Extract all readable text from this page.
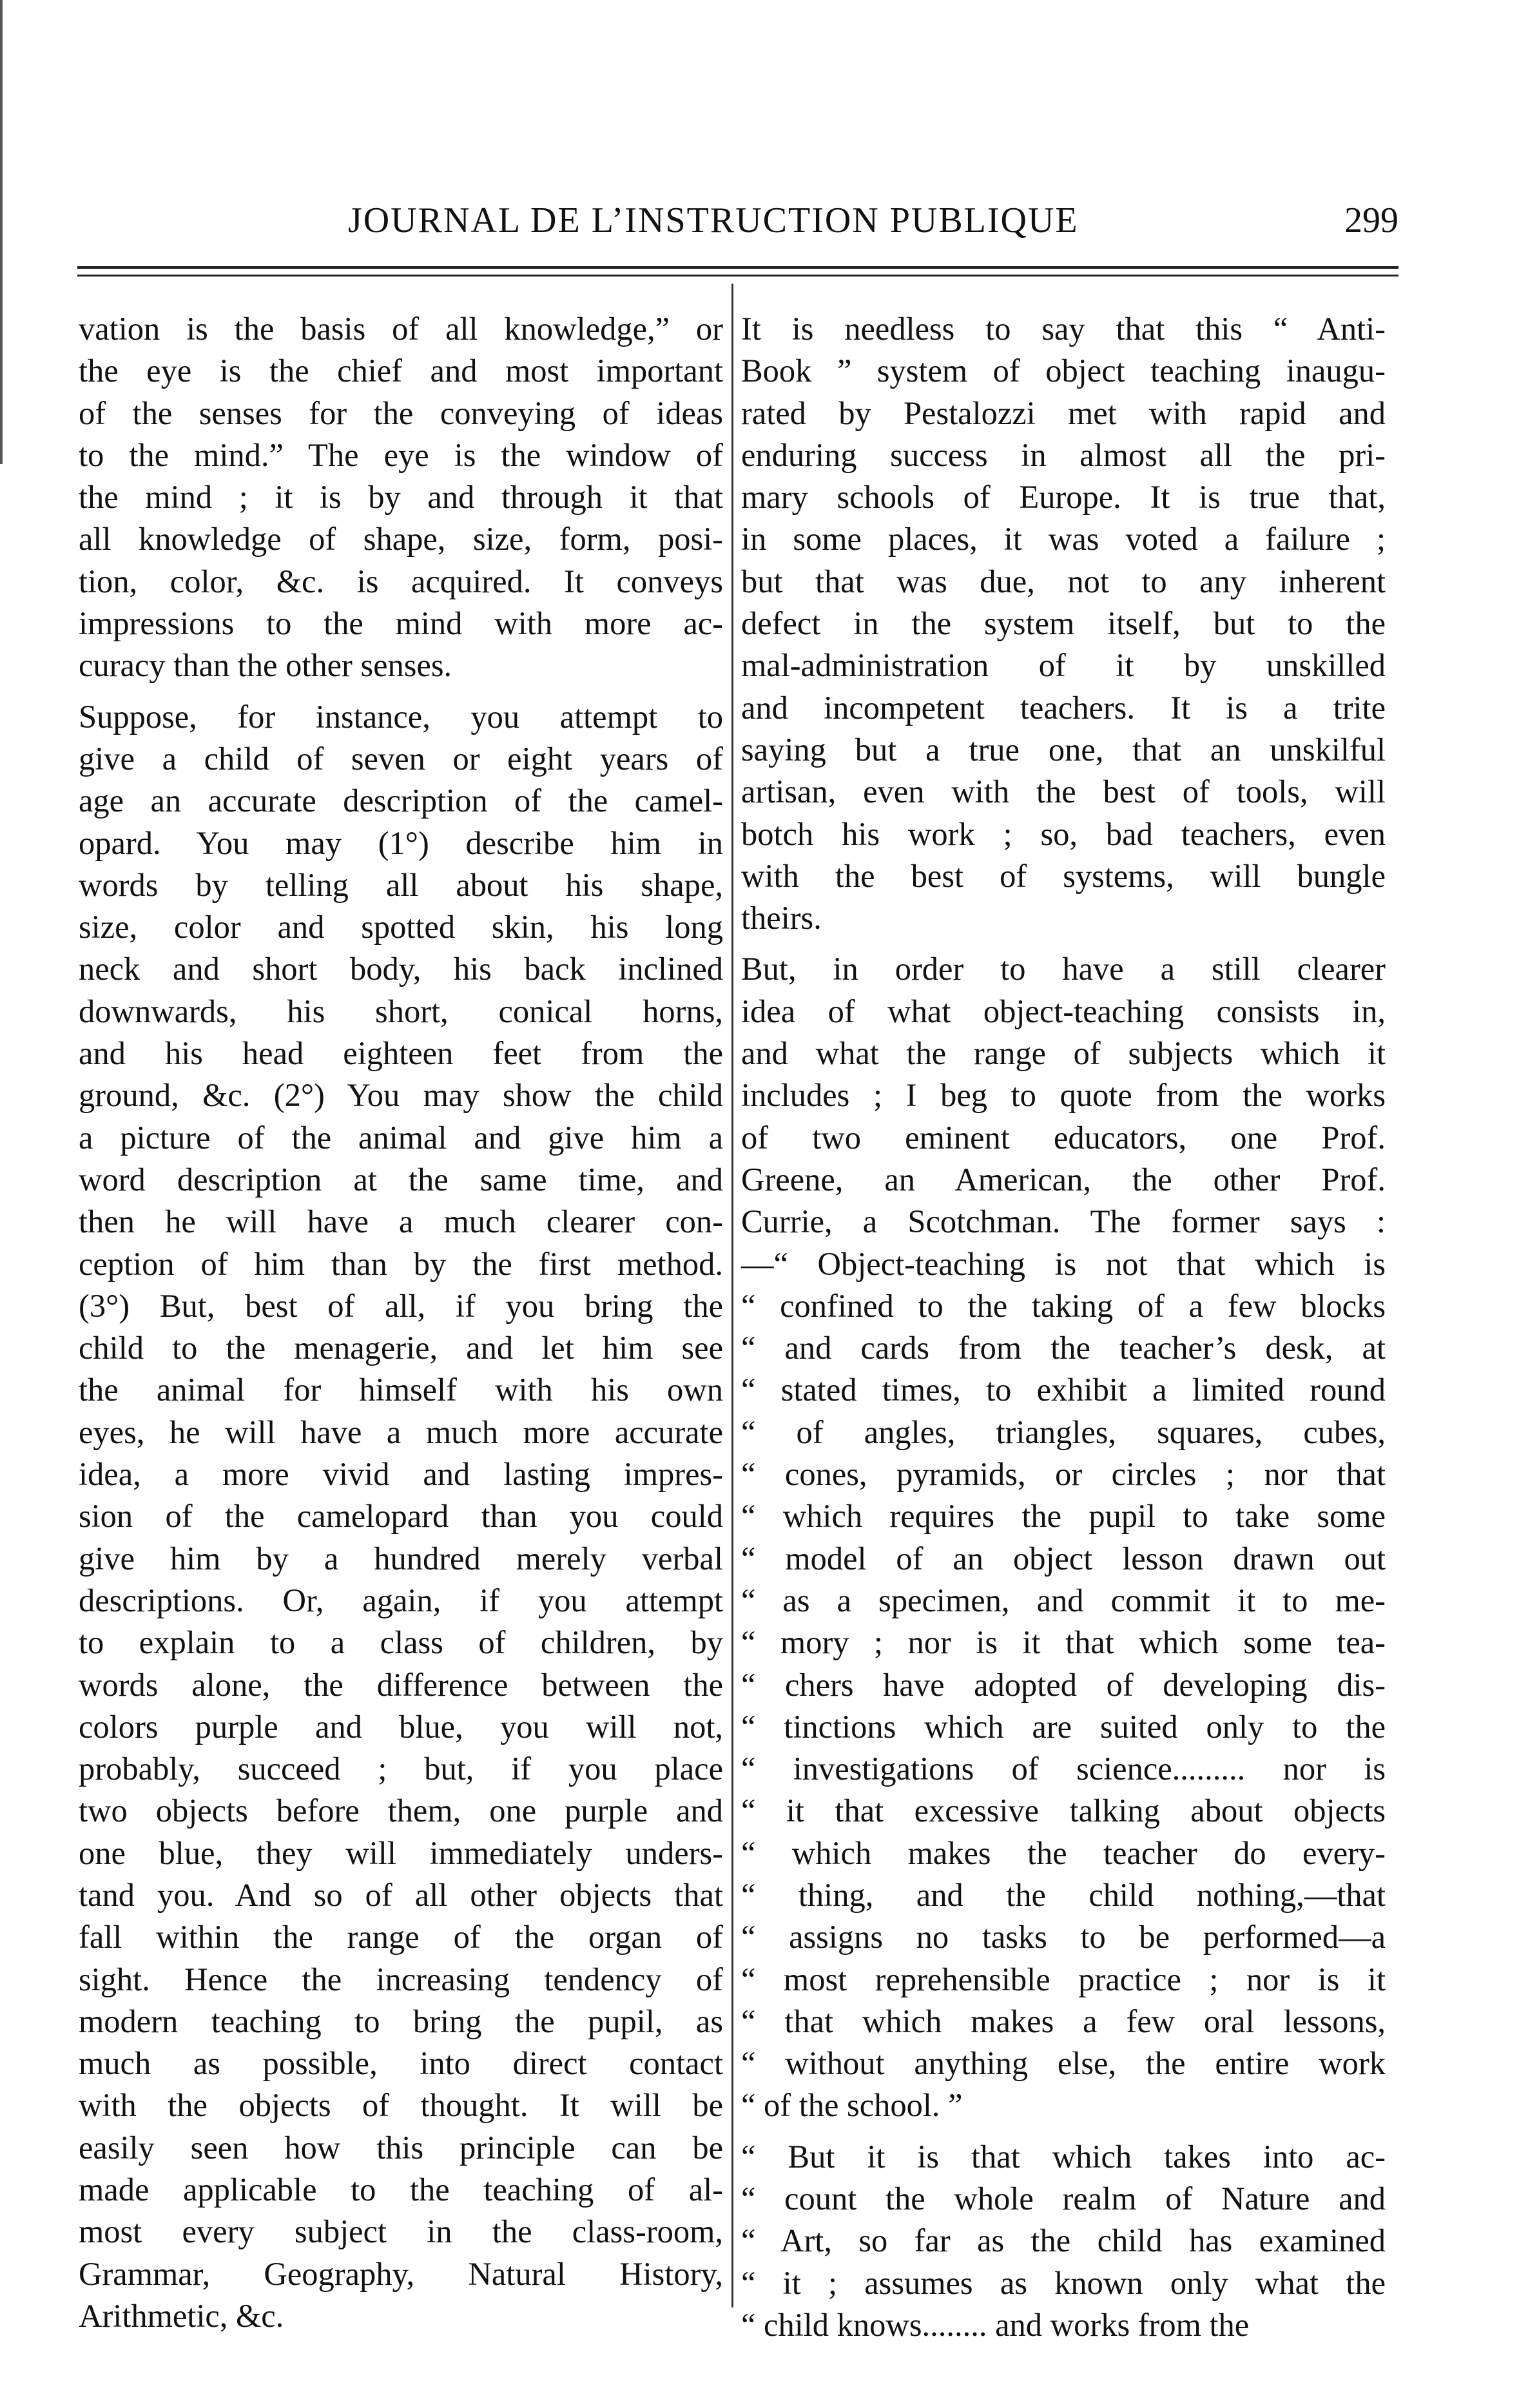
JOURNAL DE L’INSTRUCTION PUBLIQUE	299
vation is the basis of all knowledge,” or
the eye is the chief and most important
of the senses for the conveying of ideas
to the mind.” The eye is the window of
the mind ; it is by and through it that
all knowledge of shape, size, form, posi-
tion, color, &c. is acquired. It conveys
impressions to the mind with more ac-
curacy than the other senses.
Suppose, for instance, you attempt to
give a child of seven or eight years of
age an accurate description of the camel-
opard. You may (1°) describe him in
words by telling all about his shape,
size, color and spotted skin, his long
neck and short body, his back inclined
downwards, his short, conical horns,
and his head eighteen feet from the
ground, &c. (2°) You may show the child
a picture of the animal and give him a
word description at the same time, and
then he will have a much clearer con-
ception of him than by the first method.
(3°) But, best of all, if you bring the
child to the menagerie, and let him see
the animal for himself with his own
eyes, he will have a much more accurate
idea, a more vivid and lasting impres-
sion of the camelopard than you could
give him by a hundred merely verbal
descriptions. Or, again, if you attempt
to explain to a class of children, by
words alone, the difference between the
colors purple and blue, you will not,
probably, succeed ; but, if you place
two objects before them, one purple and
one blue, they will immediately unders-
tand you. And so of all other objects that
fall within the range of the organ of
sight. Hence the increasing tendency of
modern teaching to bring the pupil, as
much as possible, into direct contact
with the objects of thought. It will be
easily seen how this principle can be
made applicable to the teaching of al-
most every subject in the class-room,
Grammar, Geography, Natural History,
Arithmetic, &c.
It is needless to say that this “ Anti-
Book ” system of object teaching inaugu-
rated by Pestalozzi met with rapid and
enduring success in almost all the pri-
mary schools of Europe. It is true that,
in some places, it was voted a failure ;
but that was due, not to any inherent
defect in the system itself, but to the
mal-administration of it by unskilled
and incompetent teachers. It is a trite
saying but a true one, that an unskilful
artisan, even with the best of tools, will
botch his work ; so, bad teachers, even
with the best of systems, will bungle
theirs.
But, in order to have a still clearer
idea of what object-teaching consists in,
and what the range of subjects which it
includes ; I beg to quote from the works
of two eminent educators, one Prof.
Greene, an American, the other Prof.
Currie, a Scotchman. The former says :
—“ Object-teaching is not that which is
“ confined to the taking of a few blocks
“ and cards from the teacher’s desk, at
“ stated times, to exhibit a limited round
“ of angles, triangles, squares, cubes,
“ cones, pyramids, or circles ; nor that
“ which requires the pupil to take some
“ model of an object lesson drawn out
“ as a specimen, and commit it to me-
“ mory ; nor is it that which some tea-
“ chers have adopted of developing dis-
“ tinctions which are suited only to the
“ investigations of science......... nor is
“ it that excessive talking about objects
“ which makes the teacher do every-
“ thing, and the child nothing,—that
“ assigns no tasks to be performed—a
“ most reprehensible practice ; nor is it
“ that which makes a few oral lessons,
“ without anything else, the entire work
“ of the school. ”
“ But it is that which takes into ac-
“ count the whole realm of Nature and
“ Art, so far as the child has examined
“ it ; assumes as known only what the
“ child knows........ and works from the
